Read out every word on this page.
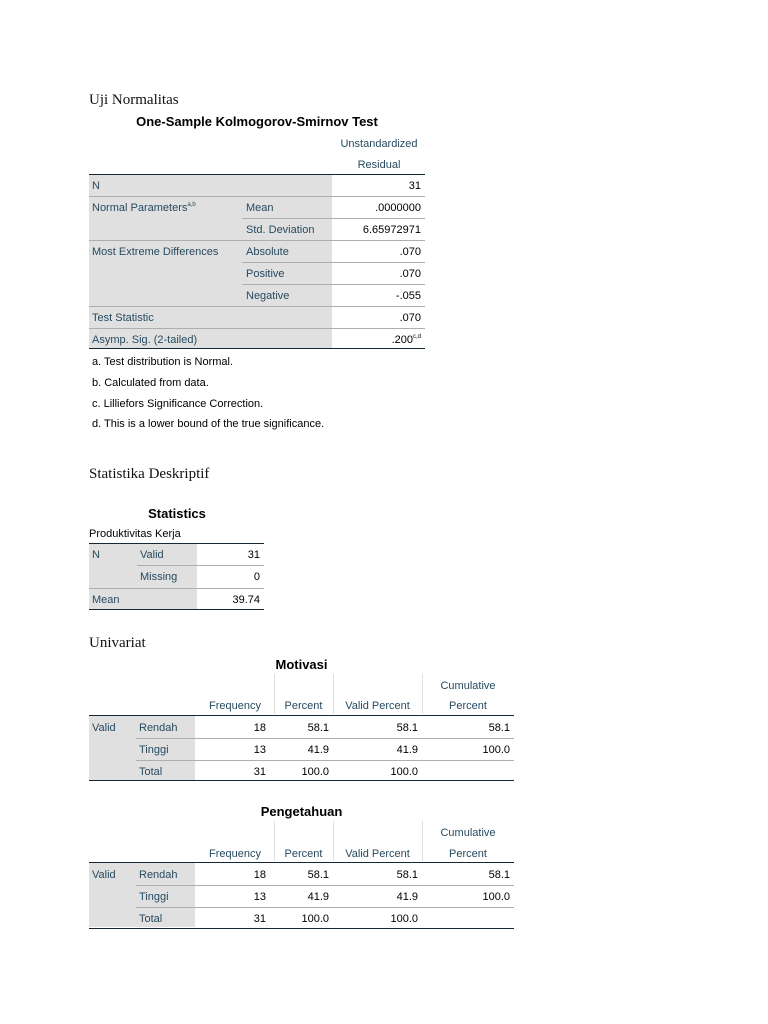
Uji Normalitas
One-Sample Kolmogorov-Smirnov Test
Unstandardized
Residual
N	31
Normal Parameters$^{a,b}$	Mean	.0000000
Std. Deviation	6.65972971
Most Extreme Differences	Absolute	.070
Positive	.070
Negative	-.055
Test Statistic	.070
Asymp. Sig. (2-tailed)	.200$^{c,d}$
a. Test distribution is Normal.
b. Calculated from data.
c. Lilliefors Significance Correction.
d. This is a lower bound of the true significance.
Statistika Deskriptif
Statistics
Produktivitas Kerja
N	Valid	31
Missing	0
Mean	39.74
Univariat
Motivasi
Cumulative
Frequency	Percent	Valid Percent	Percent
Valid Rendah	18	58.1	58.1	58.1
Tinggi	13	41.9	41.9	100.0
Total	31	100.0	100.0
Pengetahuan
Cumulative
Frequency	Percent	Valid Percent	Percent
Valid Rendah	18	58.1	58.1	58.1
Tinggi	13	41.9	41.9	100.0
Total	31	100.0	100.0
